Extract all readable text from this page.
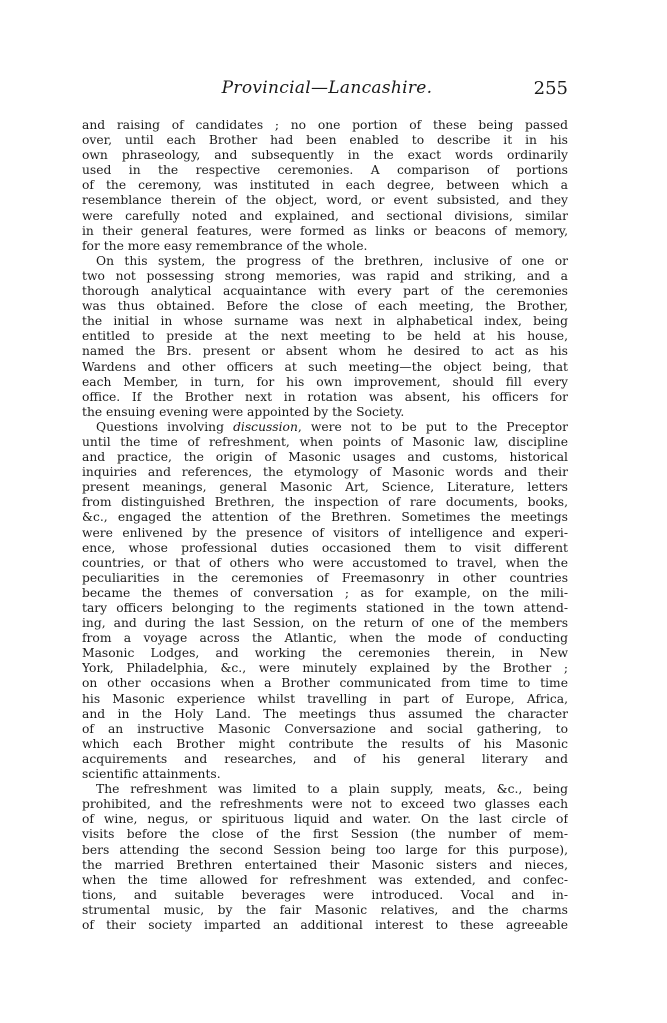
Provincial—Lancashire.	255
and raising of candidates ; no one portion of these being passed
over, until each Brother had been enabled to describe it in his
own phraseology, and subsequently in the exact words ordinarily
used in the respective ceremonies. A comparison of portions
of the ceremony, was instituted in each degree, between which a
resemblance therein of the object, word, or event subsisted, and they
were carefully noted and explained, and sectional divisions, similar
in their general features, were formed as links or beacons of memory,
for the more easy remembrance of the whole.
On this system, the progress of the brethren, inclusive of one or
two not possessing strong memories, was rapid and striking, and a
thorough analytical acquaintance with every part of the ceremonies
was thus obtained. Before the close of each meeting, the Brother,
the initial in whose surname was next in alphabetical index, being
entitled to preside at the next meeting to be held at his house,
named the Brs. present or absent whom he desired to act as his
Wardens and other officers at such meeting—the object being, that
each Member, in turn, for his own improvement, should fill every
office. If the Brother next in rotation was absent, his officers for
the ensuing evening were appointed by the Society.
Questions involving discussion, were not to be put to the Preceptor
until the time of refreshment, when points of Masonic law, discipline
and practice, the origin of Masonic usages and customs, historical
inquiries and references, the etymology of Masonic words and their
present meanings, general Masonic Art, Science, Literature, letters
from distinguished Brethren, the inspection of rare documents, books,
&c., engaged the attention of the Brethren. Sometimes the meetings
were enlivened by the presence of visitors of intelligence and experi-
ence, whose professional duties occasioned them to visit different
countries, or that of others who were accustomed to travel, when the
peculiarities in the ceremonies of Freemasonry in other countries
became the themes of conversation ; as for example, on the mili-
tary officers belonging to the regiments stationed in the town attend-
ing, and during the last Session, on the return of one of the members
from a voyage across the Atlantic, when the mode of conducting
Masonic Lodges, and working the ceremonies therein, in New
York, Philadelphia, &c., were minutely explained by the Brother ;
on other occasions when a Brother communicated from time to time
his Masonic experience whilst travelling in part of Europe, Africa,
and in the Holy Land. The meetings thus assumed the character
of an instructive Masonic Conversazione and social gathering, to
which each Brother might contribute the results of his Masonic
acquirements and researches, and of his general literary and
scientific attainments.
The refreshment was limited to a plain supply, meats, &c., being
prohibited, and the refreshments were not to exceed two glasses each
of wine, negus, or spirituous liquid and water. On the last circle of
visits before the close of the first Session (the number of mem-
bers attending the second Session being too large for this purpose),
the married Brethren entertained their Masonic sisters and nieces,
when the time allowed for refreshment was extended, and confec-
tions, and suitable beverages were introduced. Vocal and in-
strumental music, by the fair Masonic relatives, and the charms
of their society imparted an additional interest to these agreeable
